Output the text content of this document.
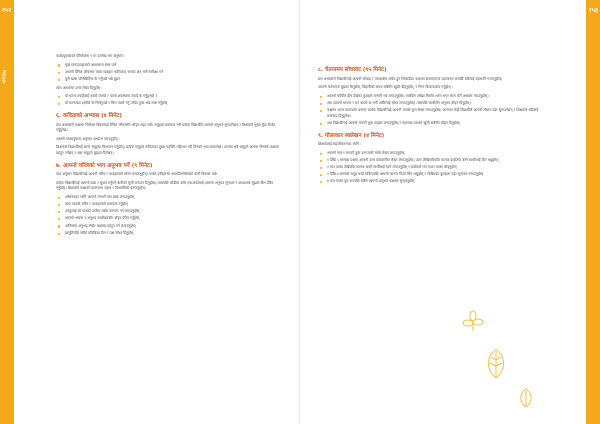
१५२	१५३
परिशिष्ट

पाठ्यपुस्तकको परियोजना १ मा उल्लेख भए अनुसार :

मूर्ख मानव्यवहारको अवधारणा स्पष्ट पार्न
आफ्नो दैनिक जीवनमा यस्ता व्यवहार कतिपटक भएका छन् भनी समीक्षा गर्न
कुनै खास परिस्थितिमा के गर्नुपर्छ भन्ने बुझ्न

त्यस आधारमा उत्तर लेख्न दिनुहोस् :

यो घटना तपाईंलाई कस्तो लाग्यो ? यस्तो अवस्थामा तपाईं के गर्नुहुन्थ्यो ?
यो घटनाबाट हामीले के सिक्नुपर्छ र किन त्यसो गर्नु उचित हुन्छ भन्ने स्पष्ट गर्नुहोस्
६. कविताको अभ्यास (४ मिनेट)

यस अभ्यासले कक्षामा सिकेका विषयलाई दैनिक जीवनसँग जोड्न मद्दत गर्छ। समूहमा छलफल गरी प्रत्येक विद्यार्थीले आफ्नो अनुभव सुनाउनेछन् र शिक्षकले मुख्य बुँदा टिपोट गर्नुहुनेछ।

आफ्नो पाठ्यपुस्तक अनुसार अभ्यास गराउनुहोस् :

शिक्षकले विद्यार्थीलाई सानो समूहमा विभाजन गर्नुहोस्। प्रत्येक समूहले कविताका मुख्य पङ्क्ति पहिचान गरी तिनको भाव बताउनेछ। अन्तमा सबै समूहले आफ्ना निष्कर्ष कक्षामा प्रस्तुत गर्नेछन् र अरू समूहले सुझाव दिनेछन्।

७. आफ्नो चरित्रको भाग अनुभव गर्ने (९ मिनेट)

पाठ अनुसार विद्यार्थीलाई आफ्नो चरित्र र व्यवहारबारे सोच्न लगाउनुहोस्। यसले उनीहरूमा आत्मविश्लेषणको बानी विकास गर्छ।

प्रत्येक विद्यार्थीलाई आफ्नो राम्रा र सुधार गर्नुपर्ने बानीको सूची बनाउन दिनुहोस्। त्यसपछि जोडीमा बसेर एकअर्कालाई आफ्ना अनुभव सुनाउन र आवश्यक सुझाव दिन प्रेरित गर्नुहोस्। शिक्षकले कक्षाको वातावरण सहज र विश्वासिलो बनाउनुहोस्।

अभिनयका लागि आफ्नो मनपर्ने पात्र छान्न लगाउनुहोस्
त्यस पात्रको चरित्र र व्यवहारबारे छलफल गर्नुहोस्
आफूलाई सो पात्रको ठाउँमा राखेर कल्पना गर्न लगाउनुहोस्
आफ्नो भावना र अनुभव साथीहरूसँग बाँड्न प्रेरित गर्नुहोस्
अन्तिममा अनुभव लेखेर कक्षामा प्रस्तुत गर्न लगाउनुहोस्
प्रस्तुतिपछि सबैले प्रतिक्रिया दिन र प्रश्न सोध्न दिनुहोस्
८. चेतनामय सोचावट (१५ मिनेट)

यस अभ्यासले विद्यार्थीलाई आफ्नो सोचाइ र व्यवहारमा सचेत हुन सिकाउँछ। कक्षामा सकारात्मक वातावरण बनाउँदै सबैलाई सहभागी गराउनुहोस्।

आफ्नो चेतनामय सुझाव दिनुहोस्, बिहानीको समय सबैसँग खुसी बाँड्नुहोस्, र निम्न क्रियाकलाप गर्नुहोस् :

आफ्नो चारैतिर हेरेर देखेका कुराहरू मनमनै गन्न लगाउनुहोस्। एकछिन आँखा चिम्लेर शान्त भएर सास फेर्ने अभ्यास गराउनुहोस्।
अब आफ्नो भावना र मन कस्तो छ भनी आफैंलाई सोध्न लगाउनुहोस्। त्यसपछि साथीसँग अनुभव बाँड्न दिनुहोस्।
कक्षामा शान्त वातावरण बनाएर प्रत्येक विद्यार्थीलाई आफ्नो मनको कुरा लेख्न लगाउनुहोस्। अन्त्यमा केही विद्यार्थीले आफ्नो लेखन पढेर सुनाउनेछन् र शिक्षकले सबैलाई धन्यवाद दिनुहुनेछ।
अब विद्यार्थीलाई आफ्नो मनपर्ने कुरा सम्झन लगाउनुहोस् र त्यसबाट पाएको खुसी सबैसँग बाँड्न दिनुहोस्।
९. गोलाकार स्वलेखन (४ मिनेट)

शिक्षकलाई सहजीकरणका लागि :

आफ्नो नाम र मनपर्ने कुरा कागजको माथि लेख्न लगाउनुहोस्
१ देखि ५ सम्मका प्रश्नमा आफ्नो उत्तर छोटकरीमा लेख्न लगाउनुहोस्। उत्तर लेखिसकेपछि कागज दायाँतर्फ बस्ने साथीलाई दिन भन्नुहोस्।
२ वटा वाक्य लेखेपछि कागज अर्को साथीलाई सार्न लगाउनुहोस् र प्रत्येकले थप एउटा वाक्य जोड्नुहोस्
१ देखि ४ सम्मको समूह कार्य सकिएपछि आफ्नो कागज फिर्ता लिन भन्नुहोस् र लेखिएका कुराहरू पढेर सुनाउन लगाउनुहोस्
४ वटा वाक्य पूरा भएपछि सबैले आफ्नो अनुभव कक्षामा सुनाउनुहोस्
